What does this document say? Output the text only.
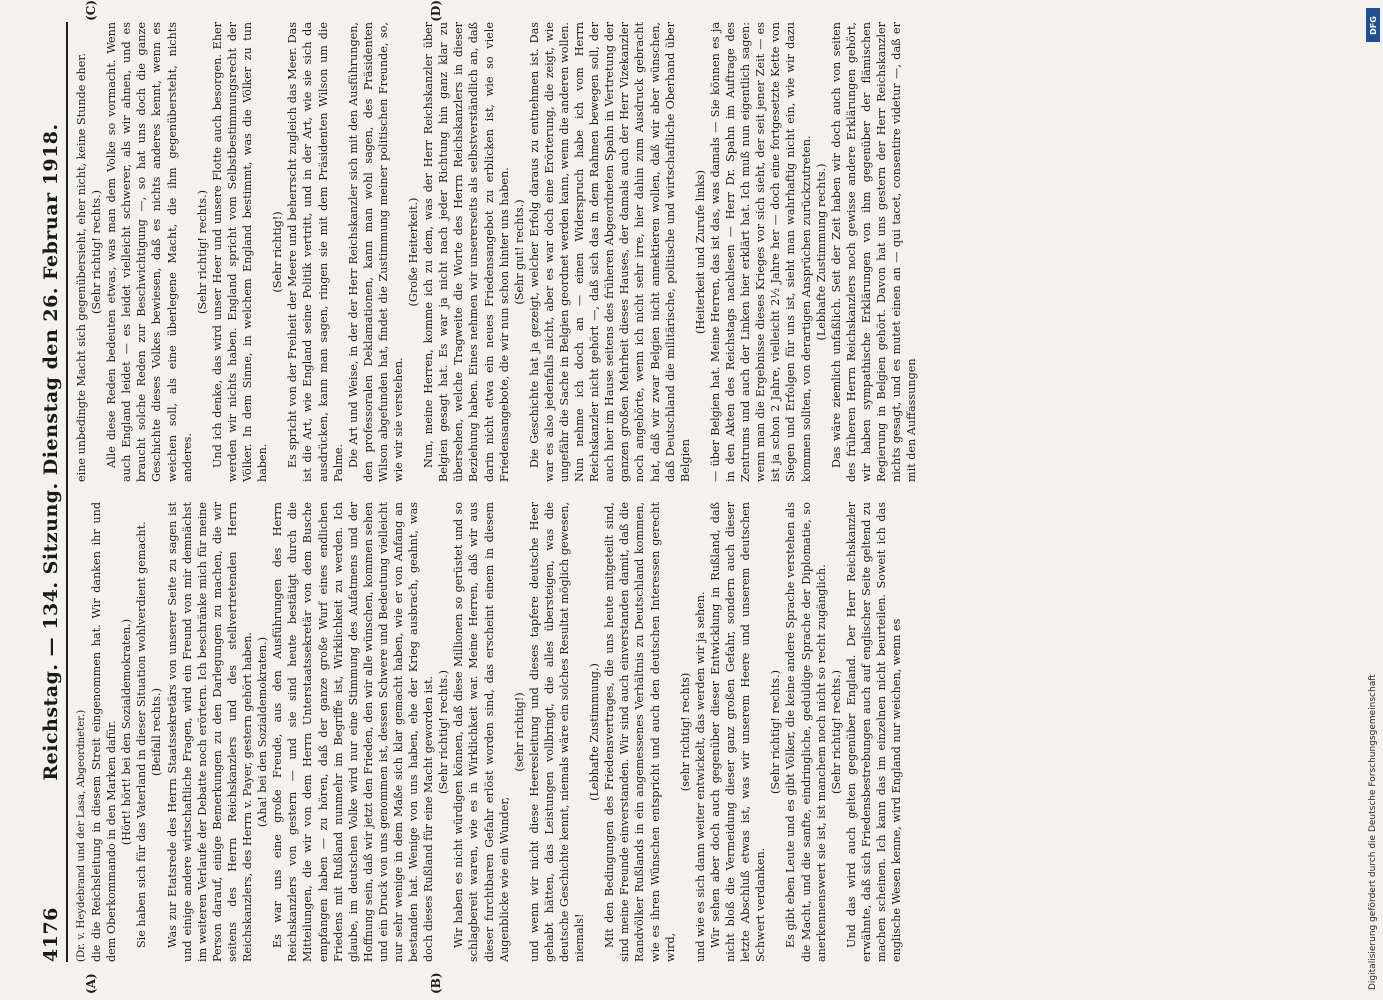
4176
Reichstag. — 134. Sitzung. Dienstag den 26. Februar 1918.
(A)	(B)

(Dr. v. Heydebrand und der Lasa, Abgeordneter.) die die Reichsleitung in diesem Streit eingenommen hat. Wir danken ihr und dem Oberkommando in den Marken dafür. (Hört! hört! bei den Sozialdemokraten.) Sie haben sich für das Vaterland in dieser Situation wohlverdient gemacht. (Beifall rechts.) Was zur Etatsrede des Herrn Staatssekretärs von unserer Seite zu sagen ist und einige andere wirtschaftliche Fragen, wird ein Freund von mir demnächst im weiteren Verlaufe der Debatte noch erörtern. Ich beschränke mich für meine Person darauf, einige Bemerkungen zu den Darlegungen zu machen, die wir seitens des Herrn Reichskanzlers und des stellvertretenden Herrn Reichskanzlers, des Herrn v. Payer, gestern gehört haben. (Aha! bei den Sozialdemokraten.) Es war uns eine große Freude, aus den Ausführungen des Herrn Reichskanzlers von gestern — und sie sind heute bestätigt durch die Mitteilungen, die wir von dem Herrn Unterstaatssekretär von dem Busche empfangen haben — zu hören, daß der ganze große Wurf eines endlichen Friedens mit Rußland nunmehr im Begriffe ist, Wirklichkeit zu werden. Ich glaube, im deutschen Volke wird nur eine Stimmung des Aufatmens und der Hoffnung sein, daß wir jetzt den Frieden, den wir alle wünschen, kommen sehen und ein Druck von uns genommen ist, dessen Schwere und Bedeutung vielleicht nur sehr wenige in dem Maße sich klar gemacht haben, wie er von Anfang an bestanden hat. Wenige von uns haben, ehe der Krieg ausbrach, geahnt, was doch dieses Rußland für eine Macht geworden ist. (Sehr richtig! rechts.) Wir haben es nicht würdigen können, daß diese Millionen so gerüstet und so schlagbereit waren, wie es in Wirklichkeit war. Meine Herren, daß wir aus dieser furchtbaren Gefahr erlöst worden sind, das erscheint einem in diesem Augenblicke wie ein Wunder,

(sehr richtig!) und wenn wir nicht diese Heeresleitung und dieses tapfere deutsche Heer gehabt hätten, das Leistungen vollbringt, die alles übersteigen, was die deutsche Geschichte kennt, niemals wäre ein solches Resultat möglich gewesen, niemals!

(Lebhafte Zustimmung.) Mit den Bedingungen des Friedensvertrages, die uns heute mitgeteilt sind, sind meine Freunde einverstanden. Wir sind auch einverstanden damit, daß die Randvölker Rußlands in ein angemessenes Verhältnis zu Deutschland kommen, wie es ihren Wünschen entspricht und auch den deutschen Interessen gerecht wird,

(sehr richtig! rechts) und wie es sich dann weiter entwickelt, das werden wir ja sehen. Wir sehen aber doch auch gegenüber dieser Entwicklung in Rußland, daß nicht bloß die Vermeidung dieser ganz großen Gefahr, sondern auch dieser letzte Abschluß etwas ist, was wir unserem Heere und unserem deutschen Schwert verdanken.

(Sehr richtig! rechts.) Es gibt eben Leute und es gibt Völker, die keine andere Sprache verstehen als die Macht, und die sanfte, eindringliche, geduldige Sprache der Diplomatie, so anerkennenswert sie ist, ist manchem noch nicht so recht zugänglich. (Sehr richtig! rechts.) Und das wird auch gelten gegenüber England. Der Herr Reichskanzler erwähnte, daß sich Friedensbestrebungen auch auf englischer Seite geltend zu machen scheinen. Ich kann das im einzelnen nicht beurteilen. Soweit ich das englische Wesen kenne, wird England nur weichen, wenn es

(C)	(D)

eine unbedingte Macht sich gegenübersieht, eher nicht, keine Stunde eher. (Sehr richtig! rechts.) Alle diese Reden bedeuten etwas, was man dem Volke so vormacht. Wenn auch England leidet — es leidet vielleicht schwerer, als wir ahnen, und es braucht solche Reden zur Beschwichtigung —, so hat uns doch die ganze Geschichte dieses Volkes bewiesen, daß es nichts anderes kennt, wenn es weichen soll, als eine überlegene Macht, die ihm gegenübersteht, nichts anderes.

(Sehr richtig! rechts.) Und ich denke, das wird unser Heer und unsere Flotte auch besorgen. Eher werden wir nichts haben. England spricht vom Selbstbestimmungsrecht der Völker. In dem Sinne, in welchem England bestimmt, was die Völker zu tun haben.

(Sehr richtig!) Es spricht von der Freiheit der Meere und beherrscht zugleich das Meer. Das ist die Art, wie England seine Politik vertritt, und in der Art, wie sie sich da ausdrücken, kann man sagen, ringen sie mit dem Präsidenten Wilson um die Palme. Die Art und Weise, in der der Herr Reichskanzler sich mit den Ausführungen, den professoralen Deklamationen, kann man wohl sagen, des Präsidenten Wilson abgefunden hat, findet die Zustimmung meiner politischen Freunde, so, wie wir sie verstehen.

(Große Heiterkeit.) Nun, meine Herren, komme ich zu dem, was der Herr Reichskanzler über Belgien gesagt hat. Es war ja nicht nach jeder Richtung hin ganz klar zu übersehen, welche Tragweite die Worte des Herrn Reichskanzlers in dieser Beziehung haben. Eines nehmen wir unsererseits als selbstverständlich an, daß darin nicht etwa ein neues Friedensangebot zu erblicken ist, wie so viele Friedensangebote, die wir nun schon hinter uns haben. (Sehr gut! rechts.) Die Geschichte hat ja gezeigt, welcher Erfolg daraus zu entnehmen ist. Das war es also jedenfalls nicht, aber es war doch eine Erörterung, die zeigt, wie ungefähr die Sache in Belgien geordnet werden kann, wenn die anderen wollen. Nun nehme ich doch an — einen Widerspruch habe ich vom Herrn Reichskanzler nicht gehört —, daß sich das in dem Rahmen bewegen soll, der auch hier im Hause seitens des früheren Abgeordneten Spahn in Vertretung der ganzen großen Mehrheit dieses Hauses, der damals auch der Herr Vizekanzler noch angehörte, wenn ich nicht sehr irre, hier dahin zum Ausdruck gebracht hat, daß wir zwar Belgien nicht annektieren wollen, daß wir aber wünschen, daß Deutschland die militärische, politische und wirtschaftliche Oberhand über Belgien

(Heiterkeit und Zurufe links) — über Belgien hat. Meine Herren, das ist das, was damals — Sie können es ja in den Akten des Reichstags nachlesen — Herr Dr. Spahn im Auftrage des Zentrums und auch der Linken hier erklärt hat. Ich muß nun eigentlich sagen: wenn man die Ergebnisse dieses Krieges vor sich sieht, der seit jener Zeit — es ist ja schon 2 Jahre, vielleicht 2½ Jahre her — doch eine fortgesetzte Kette von Siegen und Erfolgen für uns ist, sieht man wahrhaftig nicht ein, wie wir dazu kommen sollten, von derartigen Ansprüchen zurückzutreten. (Lebhafte Zustimmung rechts.) Das wäre ziemlich unfaßlich. Seit der Zeit haben wir doch auch von seiten des früheren Herrn Reichskanzlers noch gewisse andere Erklärungen gehört, wir haben sympathische Erklärungen von ihm gegenüber der flämischen Regierung in Belgien gehört. Davon hat uns gestern der Herr Reichskanzler nichts gesagt, und es mutet einen an — qui tacet, consentire videtur —, daß er mit den Auffassungen

DFG
Digitalisierung gefördert durch die Deutsche Forschungsgemeinschaft
